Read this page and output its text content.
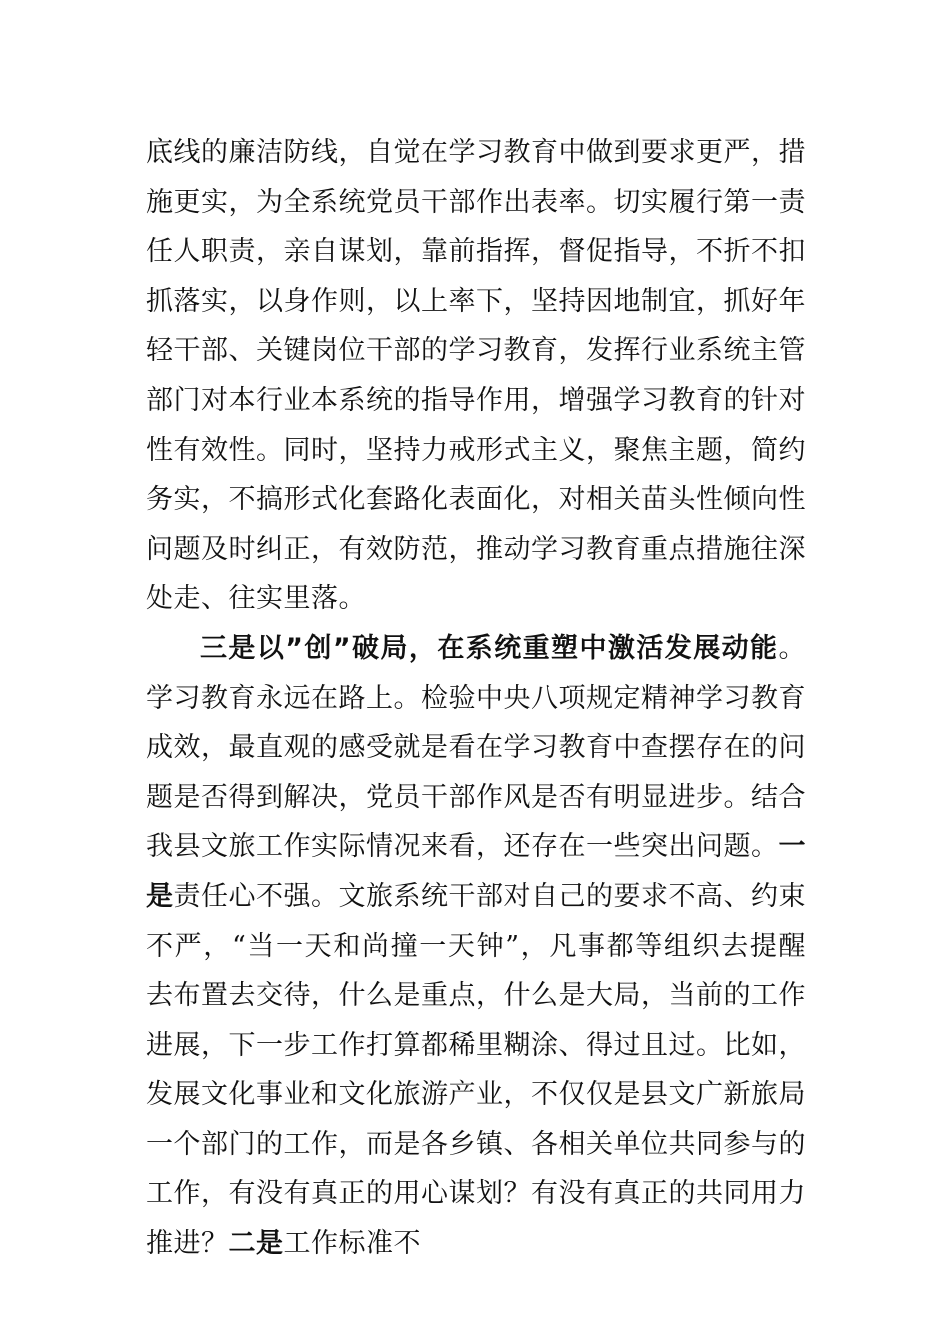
底线的廉洁防线，自觉在学习教育中做到要求更严，措施更实，为全系统党员干部作出表率。切实履行第一责任人职责，亲自谋划，靠前指挥，督促指导，不折不扣抓落实，以身作则，以上率下，坚持因地制宜，抓好年轻干部、关键岗位干部的学习教育，发挥行业系统主管部门对本行业本系统的指导作用，增强学习教育的针对性有效性。同时，坚持力戒形式主义，聚焦主题，简约务实，不搞形式化套路化表面化，对相关苗头性倾向性问题及时纠正，有效防范，推动学习教育重点措施往深处走、往实里落。

三是以”创”破局，在系统重塑中激活发展动能。学习教育永远在路上。检验中央八项规定精神学习教育成效，最直观的感受就是看在学习教育中查摆存在的问题是否得到解决，党员干部作风是否有明显进步。结合我县文旅工作实际情况来看，还存在一些突出问题。一是责任心不强。文旅系统干部对自己的要求不高、约束不严，“当一天和尚撞一天钟”，凡事都等组织去提醒去布置去交待，什么是重点，什么是大局，当前的工作进展，下一步工作打算都稀里糊涂、得过且过。比如，发展文化事业和文化旅游产业，不仅仅是县文广新旅局一个部门的工作，而是各乡镇、各相关单位共同参与的工作，有没有真正的用心谋划？有没有真正的共同用力推进？二是工作标准不
